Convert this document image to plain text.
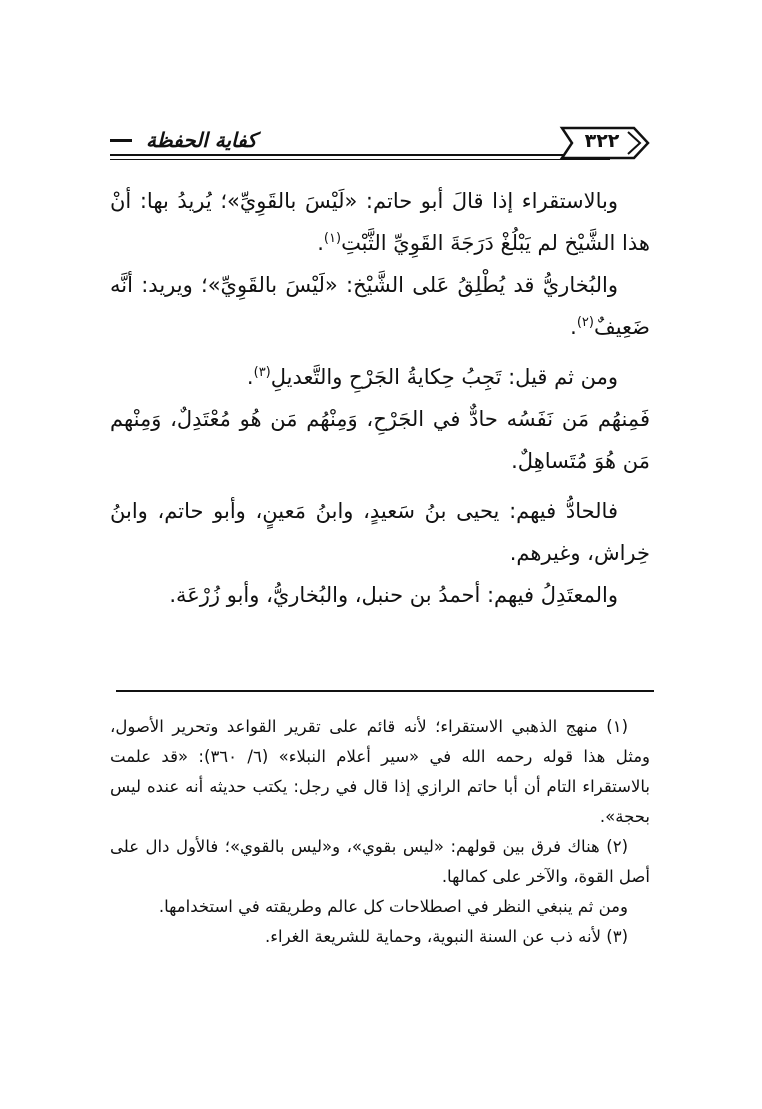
كفاية الحفظة	٣٢٢

وبالاستقراء إذا قالَ أبو حاتم: «لَيْسَ بالقَوِيِّ»؛ يُريدُ بها: أنْ هذا الشَّيْخ لم يَبْلُغْ دَرَجَةَ القَوِيِّ الثَّبْتِ$^{(١)}$.

والبُخاريُّ قد يُطْلِقُ عَلى الشَّيْخ: «لَيْسَ بالقَوِيِّ»؛ ويريد: أنَّه ضَعِيفٌ$^{(٢)}$.

ومن ثم قيل: تَجِبُ حِكايةُ الجَرْحِ والتَّعديلِ$^{(٣)}$.

فَمِنهُم مَن نَفَسُه حادٌّ في الجَرْحِ، وَمِنْهُم مَن هُو مُعْتَدِلٌ، وَمِنْهم مَن هُوَ مُتَساهِلٌ.

فالحادُّ فيهم: يحيى بنُ سَعيدٍ، وابنُ مَعينٍ، وأبو حاتم، وابنُ خِراش، وغيرهم.

والمعتَدِلُ فيهم: أحمدُ بن حنبل، والبُخاريُّ، وأبو زُرْعَة.

(١) منهج الذهبي الاستقراء؛ لأنه قائم على تقرير القواعد وتحرير الأصول، ومثل هذا قوله رحمه الله في «سير أعلام النبلاء» (٦/ ٣٦٠): «قد علمت بالاستقراء التام أن أبا حاتم الرازي إذا قال في رجل: يكتب حديثه أنه عنده ليس بحجة».

(٢) هناك فرق بين قولهم: «ليس بقوي»، و«ليس بالقوي»؛ فالأول دال على أصل القوة، والآخر على كمالها.

ومن ثم ينبغي النظر في اصطلاحات كل عالم وطريقته في استخدامها.

(٣) لأنه ذب عن السنة النبوية، وحماية للشريعة الغراء.
